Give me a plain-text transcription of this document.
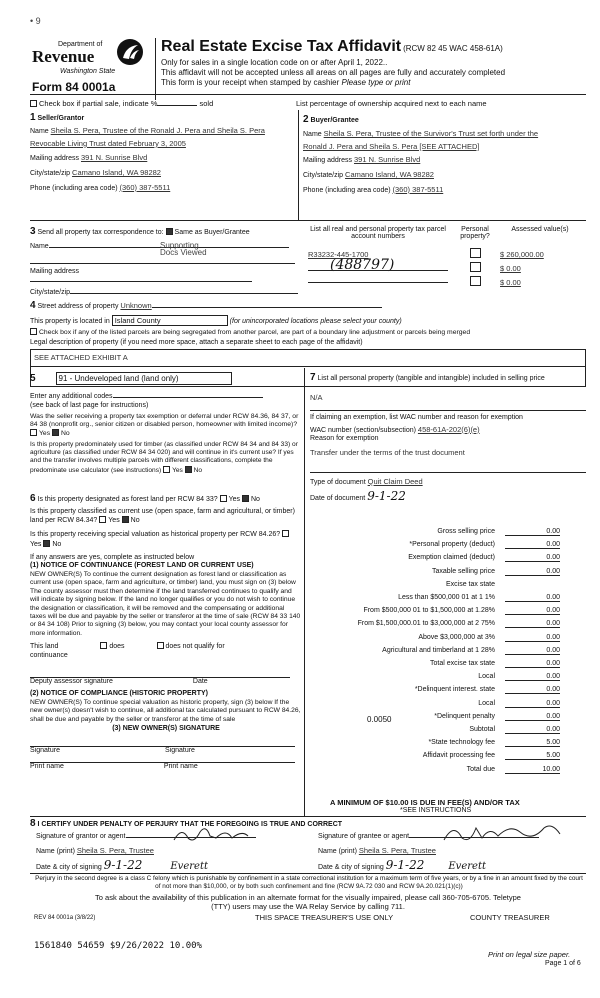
• 9
Department of
Revenue
Washington State
Form 84 0001a
Real Estate Excise Tax Affidavit (RCW 82 45 WAC 458-61A)
Only for sales in a single location code on or after April 1, 2022..
This affidavit will not be accepted unless all areas on all pages are fully and accurately completed
This form is your receipt when stamped by cashier Please type or print
Check box if partial sale, indicate %	sold	List percentage of ownership acquired next to each name
1 Seller/Grantor
Name Sheila S. Pera, Trustee of the Ronald J. Pera and Sheila S. Pera
Revocable Living Trust dated February 3, 2005
Mailing address 391 N. Sunrise Blvd
City/state/zip Camano Island, WA 98282
Phone (including area code) (360) 387-5511
2 Buyer/Grantee
Name Sheila S. Pera, Trustee of the Survivor's Trust set forth under the
Ronald J. Pera and Sheila S. Pera [SEE ATTACHED]
Mailing address 391 N. Sunrise Blvd
City/state/zip Camano Island, WA 98282
Phone (including area code) (360) 387-5511
3 Send all property tax correspondence to: Same as Buyer/Grantee
Name	Supporting
Docs Viewed
Mailing address
City/state/zip
List all real and personal property tax parcel account numbers
Personal property?
Assessed value(s)
R33232-445-1700
(488797)
$ 260,000.00
$ 0.00
$ 0.00
4 Street address of property Unknown
This property is located in Island County	(for unincorporated locations please select your county)
Check box if any of the listed parcels are being segregated from another parcel, are part of a boundary line adjustment or parcels being merged
Legal description of property (if you need more space, attach a separate sheet to each page of the affidavit)
SEE ATTACHED EXHIBIT A
5	91 - Undeveloped land (land only)
Enter any additional codes
(see back of last page for instructions)
Was the seller receiving a property tax exemption or deferral under RCW 84.36, 84 37, or 84 38 (nonprofit org., senior citizen or disabled person, homeowner with limited income)? Yes No
Is this property predominately used for timber (as classified under RCW 84 34 and 84 33) or agriculture (as classified under RCW 84 34 020) and will continue in it's current use? If yes and the transfer involves multiple parcels with different classifications, complete the predominate use calculator (see instructions) Yes No
6 Is this property designated as forest land per RCW 84 33? Yes No
Is this property classified as current use (open space, farm and agricultural, or timber) land per RCW 84.34? Yes No
Is this property receiving special valuation as historical property per RCW 84.26? Yes No
If any answers are yes, complete as instructed below
(1) NOTICE OF CONTINUANCE (FOREST LAND OR CURRENT USE)
NEW OWNER(S) To continue the current designation as forest land or classification as current use (open space, farm and agriculture, or timber) land, you must sign on (3) below The county assessor must then determine if the land transferred continues to qualify and will indicate by signing below. If the land no longer qualifies or you do not wish to continue the designation or classification, it will be removed and the compensating or additional taxes will be due and payable by the seller or transferor at the time of sale (RCW 84 33 140 or 84 34 108) Prior to signing (3) below, you may contact your local county assessor for more information.
This land	does	does not qualify for
continuance
Deputy assessor signature	Date
(2) NOTICE OF COMPLIANCE (HISTORIC PROPERTY)
NEW OWNER(S) To continue special valuation as historic property, sign (3) below If the new owner(s) doesn't wish to continue, all additional tax calculated pursuant to RCW 84.26, shall be due and payable by the seller or transferor at the time of sale
(3) NEW OWNER(S) SIGNATURE
Signature	Signature
Print name	Print name
7 List all personal property (tangible and intangible) included in selling price
N/A
If claiming an exemption, list WAC number and reason for exemption
WAC number (section/subsection) 458-61A-202(6)(e)
Reason for exemption
Transfer under the terms of the trust document
Type of document Quit Claim Deed
Date of document 9-1-22
Gross selling price	0.00
*Personal property (deduct)	0.00
Exemption claimed (deduct)	0.00
Taxable selling price	0.00
Excise tax state
Less than $500,000 01 at 1 1%	0.00
From $500,000 01 to $1,500,000 at 1.28%	0.00
From $1,500,000.01 to $3,000,000 at 2 75%	0.00
Above $3,000,000 at 3%	0.00
Agricultural and timberland at 1 28%	0.00
Total excise tax state	0.00
Local	0.00
*Delinquent interest. state	0.00
Local	0.00
*Delinquent penalty	0.00
Subtotal	0.00
*State technology fee	5.00
Affidavit processing fee	5.00
Total due	10.00
0.0050
A MINIMUM OF $10.00 IS DUE IN FEE(S) AND/OR TAX
*SEE INSTRUCTIONS
8 I CERTIFY UNDER PENALTY OF PERJURY THAT THE FOREGOING IS TRUE AND CORRECT
Signature of grantor or agent
Name (print) Sheila S. Pera, Trustee
Date & city of signing 9-1-22	Everett
Signature of grantee or agent
Name (print) Sheila S. Pera, Trustee
Date & city of signing 9-1-22 Everett
Perjury in the second degree is a class C felony which is punishable by confinement in a state correctional institution for a maximum term of five years, or by a fine in an amount fixed by the court of not more than $10,000, or by both such confinement and fine (RCW 9A.72 030 and RCW 9A.20.021(1)(c))
To ask about the availability of this publication in an alternate format for the visually impaired, please call 360-705-6705. Teletype
(TTY) users may use the WA Relay Service by calling 711.
REV 84 0001a (3/8/22)	THIS SPACE TREASURER'S USE ONLY	COUNTY TREASURER
1561840 54659 $9/26/2022 10.00%
Print on legal size paper.
Page 1 of 6
